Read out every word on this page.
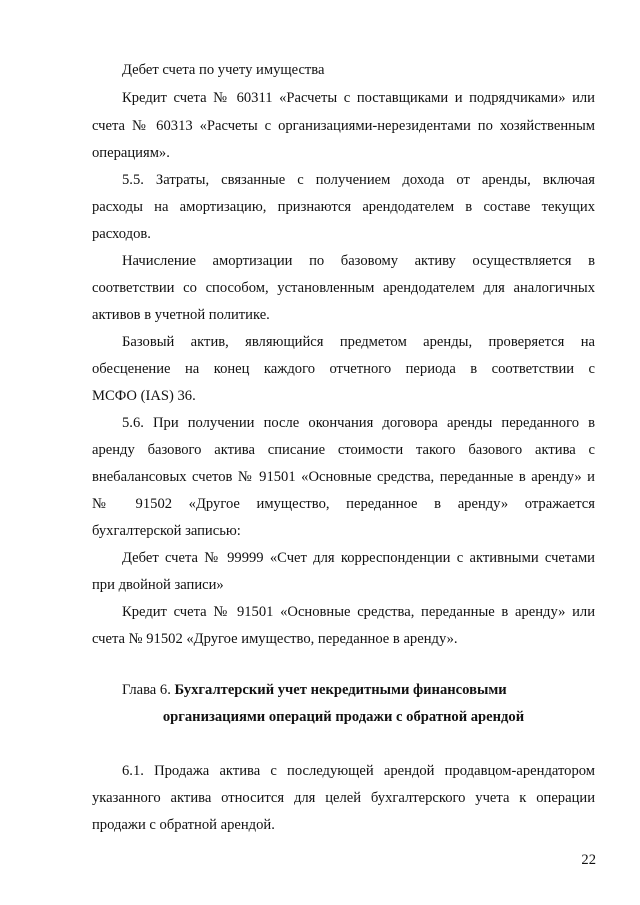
Дебет счета по учету имущества
Кредит счета № 60311 «Расчеты с поставщиками и подрядчиками» или
счета № 60313 «Расчеты с организациями-нерезидентами по хозяйственным
операциям».
5.5. Затраты, связанные с получением дохода от аренды, включая
расходы на амортизацию, признаются арендодателем в составе текущих
расходов.
Начисление амортизации по базовому активу осуществляется в
соответствии со способом, установленным арендодателем для аналогичных
активов в учетной политике.
Базовый актив, являющийся предметом аренды, проверяется на
обесценение на конец каждого отчетного периода в соответствии с
МСФО (IAS) 36.
5.6. При получении после окончания договора аренды переданного в
аренду базового актива списание стоимости такого базового актива с
внебалансовых счетов № 91501 «Основные средства, переданные в аренду» и
№ 91502 «Другое имущество, переданное в аренду» отражается
бухгалтерской записью:
Дебет счета № 99999 «Счет для корреспонденции с активными счетами
при двойной записи»
Кредит счета № 91501 «Основные средства, переданные в аренду» или
счета № 91502 «Другое имущество, переданное в аренду».
Глава 6. Бухгалтерский учет некредитными финансовыми
организациями операций продажи с обратной арендой
6.1. Продажа актива с последующей арендой продавцом-арендатором
указанного актива относится для целей бухгалтерского учета к операции
продажи с обратной арендой.
22
